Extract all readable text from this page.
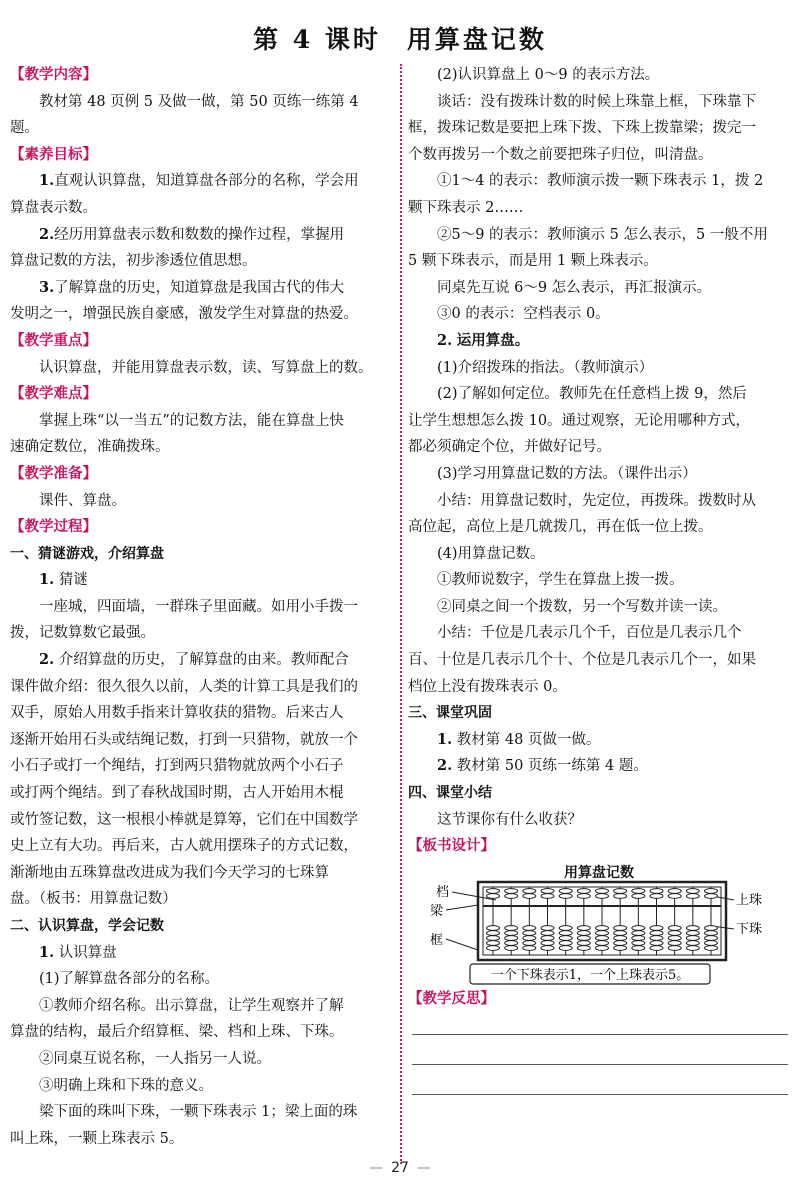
第 4 课时 用算盘记数
【教学内容】
教材第 48 页例 5 及做一做，第 50 页练一练第 4
题。
【素养目标】
1.直观认识算盘，知道算盘各部分的名称，学会用
算盘表示数。
2.经历用算盘表示数和数数的操作过程，掌握用
算盘记数的方法，初步渗透位值思想。
3.了解算盘的历史，知道算盘是我国古代的伟大
发明之一，增强民族自豪感，激发学生对算盘的热爱。
【教学重点】
认识算盘，并能用算盘表示数，读、写算盘上的数。
【教学难点】
掌握上珠“以一当五”的记数方法，能在算盘上快
速确定数位，准确拨珠。
【教学准备】
课件、算盘。
【教学过程】
一、猜谜游戏，介绍算盘
1. 猜谜
一座城，四面墙，一群珠子里面藏。如用小手拨一
拨，记数算数它最强。
2. 介绍算盘的历史，了解算盘的由来。教师配合
课件做介绍：很久很久以前，人类的计算工具是我们的
双手，原始人用数手指来计算收获的猎物。后来古人
逐渐开始用石头或结绳记数，打到一只猎物，就放一个
小石子或打一个绳结，打到两只猎物就放两个小石子
或打两个绳结。到了春秋战国时期，古人开始用木棍
或竹签记数，这一根根小棒就是算筹，它们在中国数学
史上立有大功。再后来，古人就用摆珠子的方式记数，
渐渐地由五珠算盘改进成为我们今天学习的七珠算
盘。（板书：用算盘记数）
二、认识算盘，学会记数
1. 认识算盘
(1)了解算盘各部分的名称。
①教师介绍名称。出示算盘，让学生观察并了解
算盘的结构，最后介绍算框、梁、档和上珠、下珠。
②同桌互说名称，一人指另一人说。
③明确上珠和下珠的意义。
梁下面的珠叫下珠，一颗下珠表示 1；梁上面的珠
叫上珠，一颗上珠表示 5。
(2)认识算盘上 0～9 的表示方法。
谈话：没有拨珠计数的时候上珠靠上框，下珠靠下
框，拨珠记数是要把上珠下拨、下珠上拨靠梁；拨完一
个数再拨另一个数之前要把珠子归位，叫清盘。
①1～4 的表示：教师演示拨一颗下珠表示 1，拨 2
颗下珠表示 2……
②5～9 的表示：教师演示 5 怎么表示，5 一般不用
5 颗下珠表示，而是用 1 颗上珠表示。
同桌先互说 6～9 怎么表示，再汇报演示。
③0 的表示：空档表示 0。
2. 运用算盘。
(1)介绍拨珠的指法。（教师演示）
(2)了解如何定位。教师先在任意档上拨 9，然后
让学生想想怎么拨 10。通过观察，无论用哪种方式，
都必须确定个位，并做好记号。
(3)学习用算盘记数的方法。（课件出示）
小结：用算盘记数时，先定位，再拨珠。拨数时从
高位起，高位上是几就拨几，再在低一位上拨。
(4)用算盘记数。
①教师说数字，学生在算盘上拨一拨。
②同桌之间一个拨数，另一个写数并读一读。
小结：千位是几表示几个千，百位是几表示几个
百、十位是几表示几个十、个位是几表示几个一，如果
档位上没有拨珠表示 0。
三、课堂巩固
1. 教材第 48 页做一做。
2. 教材第 50 页练一练第 4 题。
四、课堂小结
这节课你有什么收获？
【板书设计】
用算盘记数
档
梁
框
上珠
下珠
一个下珠表示1，一个上珠表示5。
【教学反思】
— 27 —
